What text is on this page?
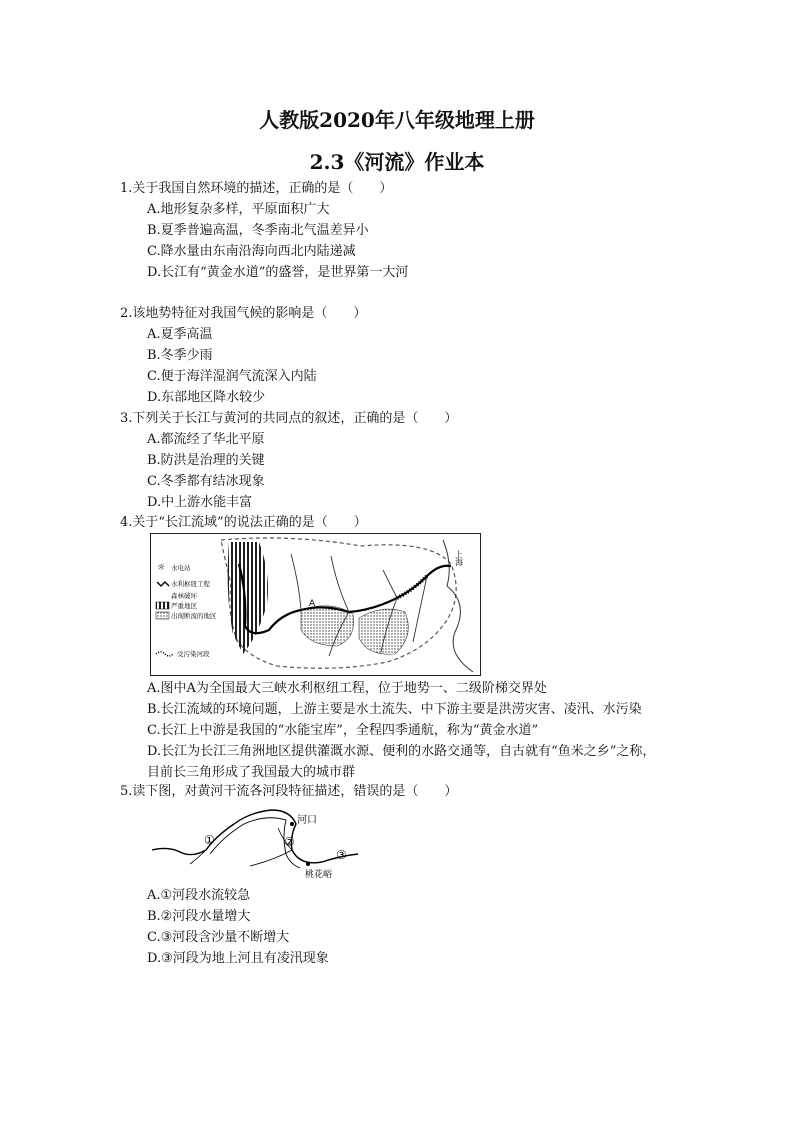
人教版2020年八年级地理上册
2.3《河流》作业本
1.关于我国自然环境的描述，正确的是（　　）
A.地形复杂多样，平原面积广大
B.夏季普遍高温，冬季南北气温差异小
C.降水量由东南沿海向西北内陆递减
D.长江有“黄金水道”的盛誉，是世界第一大河
2.该地势特征对我国气候的影响是（　　）
A.夏季高温
B.冬季少雨
C.便于海洋湿润气流深入内陆
D.东部地区降水较少
3.下列关于长江与黄河的共同点的叙述，正确的是（　　）
A.都流经了华北平原
B.防洪是治理的关键
C.冬季都有结冰现象
D.中上游水能丰富
4.关于“长江流域”的说法正确的是（　　）
A
上海
☼ 水电站
水利枢纽工程
森林破坏
严重地区
出现断流的地区
受污染河段
A.图中A为全国最大三峡水利枢纽工程，位于地势一、二级阶梯交界处
B.长江流域的环境问题，上游主要是水土流失、中下游主要是洪涝灾害、凌汛、水污染
C.长江上中游是我国的“水能宝库”，全程四季通航，称为“黄金水道”
D.长江为长江三角洲地区提供灌溉水源、便利的水路交通等，自古就有“鱼米之乡”之称，
目前长三角形成了我国最大的城市群
5.读下图，对黄河干流各河段特征描述，错误的是（　　）
河口
桃花峪
①	②
③
A.①河段水流较急
B.②河段水量增大
C.③河段含沙量不断增大
D.③河段为地上河且有凌汛现象
